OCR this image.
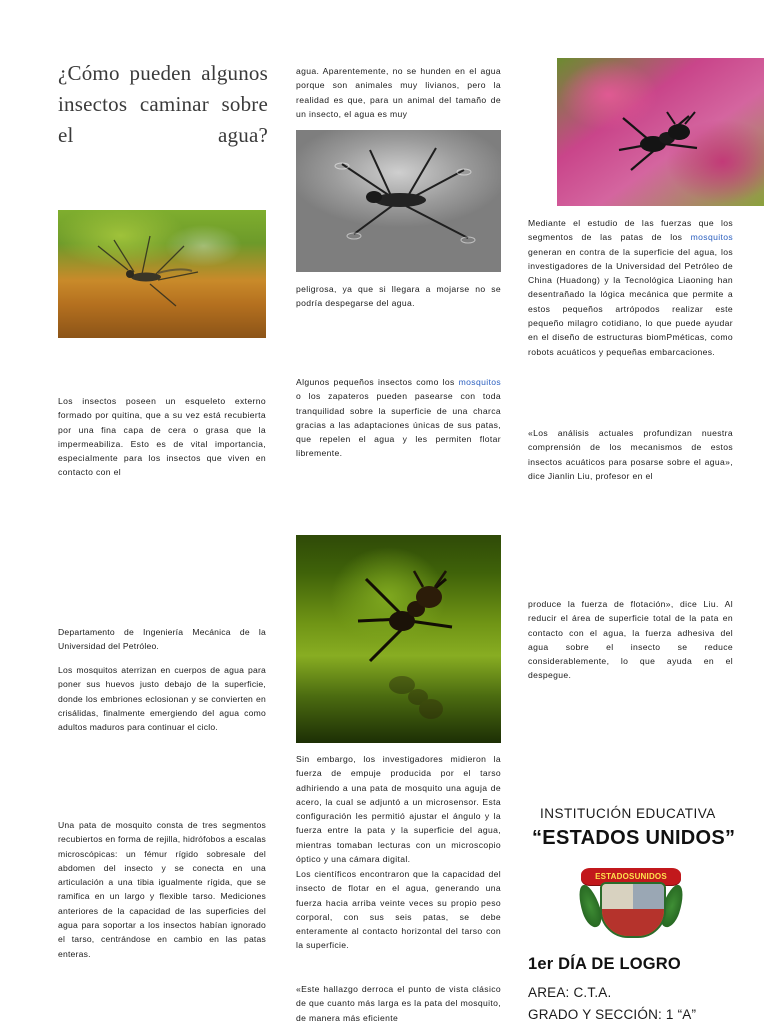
¿Cómo pueden algunos insectos caminar sobre el agua?
Los insectos poseen un esqueleto externo formado por quitina, que a su vez está recubierta por una fina capa de cera o grasa que la impermeabiliza. Esto es de vital importancia, especialmente para los insectos que viven en contacto con el
Departamento de Ingeniería Mecánica de la Universidad del Petróleo.
Los mosquitos aterrizan en cuerpos de agua para poner sus huevos justo debajo de la superficie, donde los embriones eclosionan y se convierten en crisálidas, finalmente emergiendo del agua como adultos maduros para continuar el ciclo.
Una pata de mosquito consta de tres segmentos recubiertos en forma de rejilla, hidrófobos a escalas microscópicas: un fémur rígido sobresale del abdomen del insecto y se conecta en una articulación a una tibia igualmente rígida, que se ramifica en un largo y flexible tarso. Mediciones anteriores de la capacidad de las superficies del agua para soportar a los insectos habían ignorado el tarso, centrándose en cambio en las patas enteras.
agua. Aparentemente, no se hunden en el agua porque son animales muy livianos, pero la realidad es que, para un animal del tamaño de un insecto, el agua es muy
peligrosa, ya que si llegara a mojarse no se podría despegarse del agua.
Algunos pequeños insectos como los mosquitos o los zapateros pueden pasearse con toda tranquilidad sobre la superficie de una charca gracias a las adaptaciones únicas de sus patas, que repelen el agua y les permiten flotar libremente.
Sin embargo, los investigadores midieron la fuerza de empuje producida por el tarso adhiriendo a una pata de mosquito una aguja de acero, la cual se adjuntó a un microsensor. Esta configuración les permitió ajustar el ángulo y la fuerza entre la pata y la superficie del agua, mientras tomaban lecturas con un microscopio óptico y una cámara digital.
Los científicos encontraron que la capacidad del insecto de flotar en el agua, generando una fuerza hacia arriba veinte veces su propio peso corporal, con sus seis patas, se debe enteramente al contacto horizontal del tarso con la superficie.
«Este hallazgo derroca el punto de vista clásico de que cuanto más larga es la pata del mosquito, de manera más eficiente
Mediante el estudio de las fuerzas que los segmentos de las patas de los mosquitos generan en contra de la superficie del agua, los investigadores de la Universidad del Petróleo de China (Huadong) y la Tecnológica Liaoning han desentrañado la lógica mecánica que permite a estos pequeños artrópodos realizar este pequeño milagro cotidiano, lo que puede ayudar en el diseño de estructuras biomPméticas, como robots acuáticos y pequeñas embarcaciones.
«Los análisis actuales profundizan nuestra comprensión de los mecanismos de estos insectos acuáticos para posarse sobre el agua», dice Jianlin Liu, profesor en el
produce la fuerza de flotación», dice Liu. Al reducir el área de superficie total de la pata en contacto con el agua, la fuerza adhesiva del agua sobre el insecto se reduce considerablemente, lo que ayuda en el despegue.
INSTITUCIÓN EDUCATIVA
“ESTADOS UNIDOS”
ESTADOSUNIDOS
1er DÍA DE LOGRO
AREA: C.T.A.
GRADO Y SECCIÓN: 1 “A”
